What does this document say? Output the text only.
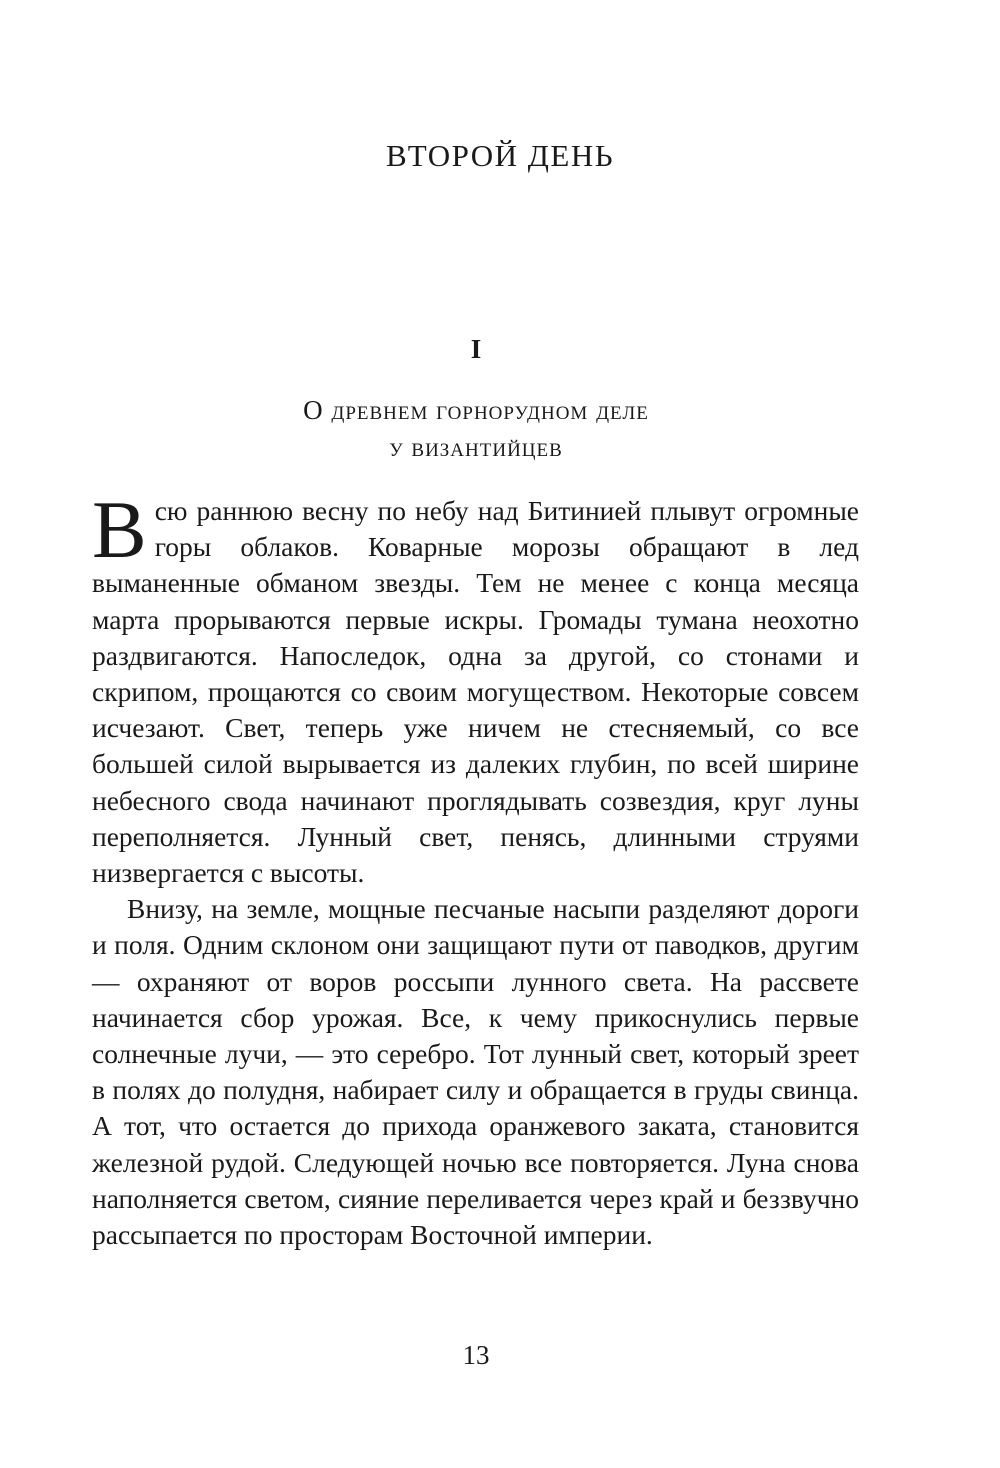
ВТОРОЙ ДЕНЬ
I
О древнем горнорудном деле
у византийцев

Всю раннюю весну по небу над Битинией плывут огромные горы облаков. Коварные морозы обращают в лед выманенные обманом звезды. Тем не менее с конца месяца марта прорываются первые искры. Громады тумана неохотно раздвигаются. Напоследок, одна за другой, со стонами и скрипом, прощаются со своим могуществом. Некоторые совсем исчезают. Свет, теперь уже ничем не стесняемый, со все большей силой вырывается из далеких глубин, по всей ширине небесного свода начинают проглядывать созвездия, круг луны переполняется. Лунный свет, пенясь, длинными струями низвергается с высоты.

Внизу, на земле, мощные песчаные насыпи разделяют дороги и поля. Одним склоном они защищают пути от паводков, другим — охраняют от воров россыпи лунного света. На рассвете начинается сбор урожая. Все, к чему прикоснулись первые солнечные лучи, — это серебро. Тот лунный свет, который зреет в полях до полудня, набирает силу и обращается в груды свинца. А тот, что остается до прихода оранжевого заката, становится железной рудой. Следующей ночью все повторяется. Луна снова наполняется светом, сияние переливается через край и беззвучно рассыпается по просторам Восточной империи.

13
